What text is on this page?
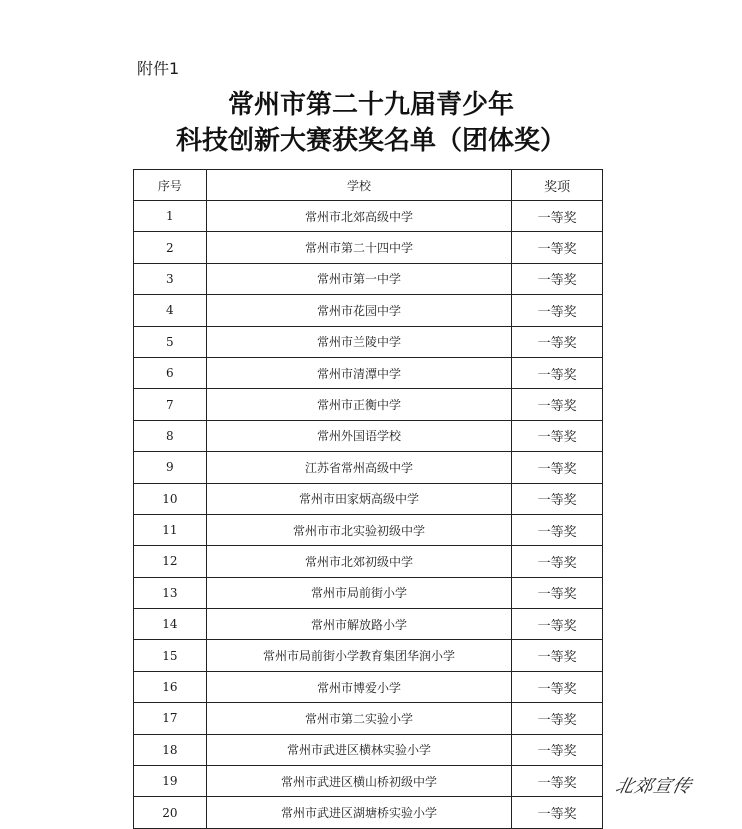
附件1
常州市第二十九届青少年
科技创新大赛获奖名单（团体奖）
序号	学校	奖项
1	常州市北郊高级中学	一等奖
2	常州市第二十四中学	一等奖
3	常州市第一中学	一等奖
4	常州市花园中学	一等奖
5	常州市兰陵中学	一等奖
6	常州市清潭中学	一等奖
7	常州市正衡中学	一等奖
8	常州外国语学校	一等奖
9	江苏省常州高级中学	一等奖
10	常州市田家炳高级中学	一等奖
11	常州市市北实验初级中学	一等奖
12	常州市北郊初级中学	一等奖
13	常州市局前街小学	一等奖
14	常州市解放路小学	一等奖
15	常州市局前街小学教育集团华润小学	一等奖
16	常州市博爱小学	一等奖
17	常州市第二实验小学	一等奖
18	常州市武进区横林实验小学	一等奖
19	常州市武进区横山桥初级中学	一等奖
20	常州市武进区湖塘桥实验小学	一等奖
北郊宣传
